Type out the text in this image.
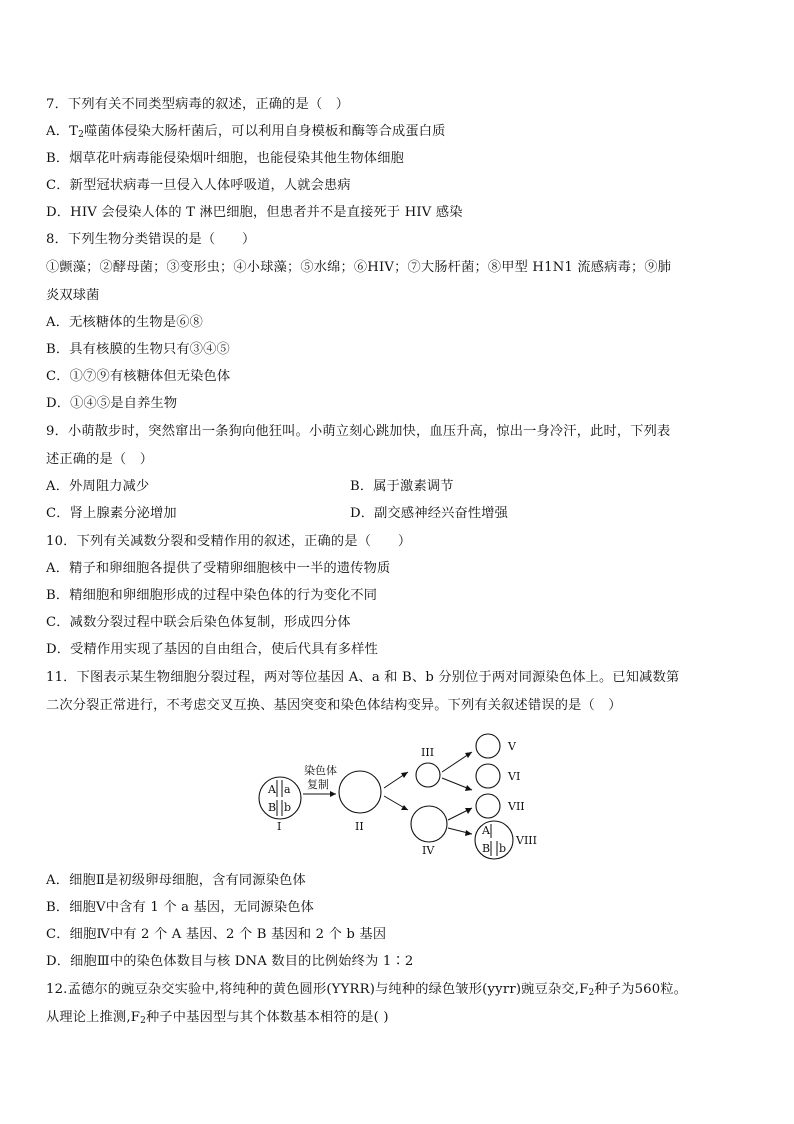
7．下列有关不同类型病毒的叙述，正确的是（　）
A．$T_2$噬菌体侵染大肠杆菌后，可以利用自身模板和酶等合成蛋白质
B．烟草花叶病毒能侵染烟叶细胞，也能侵染其他生物体细胞
C．新型冠状病毒一旦侵入人体呼吸道，人就会患病
D．HIV 会侵染人体的 T 淋巴细胞，但患者并不是直接死于 HIV 感染
8．下列生物分类错误的是（　　）
①颤藻；②酵母菌；③变形虫；④小球藻；⑤水绵；⑥HIV；⑦大肠杆菌；⑧甲型 H1N1 流感病毒；⑨肺
炎双球菌
A．无核糖体的生物是⑥⑧
B．具有核膜的生物只有③④⑤
C．①⑦⑨有核糖体但无染色体
D．①④⑤是自养生物
9．小萌散步时，突然窜出一条狗向他狂叫。小萌立刻心跳加快，血压升高，惊出一身冷汗，此时，下列表
述正确的是（　）
A．外周阻力减少	B．属于激素调节
C．肾上腺素分泌增加	D．副交感神经兴奋性增强
10．下列有关减数分裂和受精作用的叙述，正确的是（　　）
A．精子和卵细胞各提供了受精卵细胞核中一半的遗传物质
B．精细胞和卵细胞形成的过程中染色体的行为变化不同
C．减数分裂过程中联会后染色体复制，形成四分体
D．受精作用实现了基因的自由组合，使后代具有多样性
11．下图表示某生物细胞分裂过程，两对等位基因 A、a 和 B、b 分别位于两对同源染色体上。已知减数第
二次分裂正常进行，不考虑交叉互换、基因突变和染色体结构变异。下列有关叙述错误的是（　）
A a
B b
I
染色体
复制
II
III
IV
V
VI
VII
A
B b
VIII
A．细胞Ⅱ是初级卵母细胞，含有同源染色体
B．细胞Ⅴ中含有 1 个 a 基因，无同源染色体
C．细胞Ⅳ中有 2 个 A 基因、2 个 B 基因和 2 个 b 基因
D．细胞Ⅲ中的染色体数目与核 DNA 数目的比例始终为 1∶2
12.孟德尔的豌豆杂交实验中,将纯种的黄色圆形(YYRR)与纯种的绿色皱形(yyrr)豌豆杂交$,F_2$种子为560粒。
从理论上推测$,F_2$种子中基因型与其个体数基本相符的是( )
